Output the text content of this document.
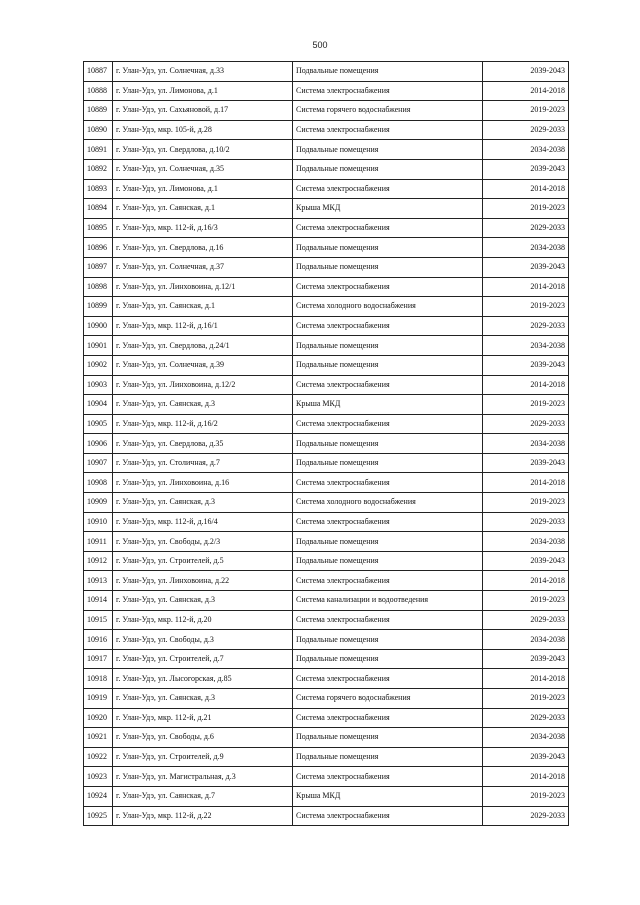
500
10887	г. Улан-Удэ, ул. Солнечная, д.33	Подвальные помещения	2039-2043
10888	г. Улан-Удэ, ул. Лимонова, д.1	Система электроснабжения	2014-2018
10889	г. Улан-Удэ, ул. Сахьяновой, д.17	Система горячего водоснабжения	2019-2023
10890	г. Улан-Удэ, мкр. 105-й, д.28	Система электроснабжения	2029-2033
10891	г. Улан-Удэ, ул. Свердлова, д.10/2	Подвальные помещения	2034-2038
10892	г. Улан-Удэ, ул. Солнечная, д.35	Подвальные помещения	2039-2043
10893	г. Улан-Удэ, ул. Лимонова, д.1	Система электроснабжения	2014-2018
10894	г. Улан-Удэ, ул. Саянская, д.1	Крыша МКД	2019-2023
10895	г. Улан-Удэ, мкр. 112-й, д.16/3	Система электроснабжения	2029-2033
10896	г. Улан-Удэ, ул. Свердлова, д.16	Подвальные помещения	2034-2038
10897	г. Улан-Удэ, ул. Солнечная, д.37	Подвальные помещения	2039-2043
10898	г. Улан-Удэ, ул. Линховоина, д.12/1	Система электроснабжения	2014-2018
10899	г. Улан-Удэ, ул. Саянская, д.1	Система холодного водоснабжения	2019-2023
10900	г. Улан-Удэ, мкр. 112-й, д.16/1	Система электроснабжения	2029-2033
10901	г. Улан-Удэ, ул. Свердлова, д.24/1	Подвальные помещения	2034-2038
10902	г. Улан-Удэ, ул. Солнечная, д.39	Подвальные помещения	2039-2043
10903	г. Улан-Удэ, ул. Линховоина, д.12/2	Система электроснабжения	2014-2018
10904	г. Улан-Удэ, ул. Саянская, д.3	Крыша МКД	2019-2023
10905	г. Улан-Удэ, мкр. 112-й, д.16/2	Система электроснабжения	2029-2033
10906	г. Улан-Удэ, ул. Свердлова, д.35	Подвальные помещения	2034-2038
10907	г. Улан-Удэ, ул. Столичная, д.7	Подвальные помещения	2039-2043
10908	г. Улан-Удэ, ул. Линховоина, д.16	Система электроснабжения	2014-2018
10909	г. Улан-Удэ, ул. Саянская, д.3	Система холодного водоснабжения	2019-2023
10910	г. Улан-Удэ, мкр. 112-й, д.16/4	Система электроснабжения	2029-2033
10911	г. Улан-Удэ, ул. Свободы, д.2/3	Подвальные помещения	2034-2038
10912	г. Улан-Удэ, ул. Строителей, д.5	Подвальные помещения	2039-2043
10913	г. Улан-Удэ, ул. Линховоина, д.22	Система электроснабжения	2014-2018
10914	г. Улан-Удэ, ул. Саянская, д.3	Система канализации и водоотведения	2019-2023
10915	г. Улан-Удэ, мкр. 112-й, д.20	Система электроснабжения	2029-2033
10916	г. Улан-Удэ, ул. Свободы, д.3	Подвальные помещения	2034-2038
10917	г. Улан-Удэ, ул. Строителей, д.7	Подвальные помещения	2039-2043
10918	г. Улан-Удэ, ул. Лысогорская, д.85	Система электроснабжения	2014-2018
10919	г. Улан-Удэ, ул. Саянская, д.3	Система горячего водоснабжения	2019-2023
10920	г. Улан-Удэ, мкр. 112-й, д.21	Система электроснабжения	2029-2033
10921	г. Улан-Удэ, ул. Свободы, д.6	Подвальные помещения	2034-2038
10922	г. Улан-Удэ, ул. Строителей, д.9	Подвальные помещения	2039-2043
10923	г. Улан-Удэ, ул. Магистральная, д.3	Система электроснабжения	2014-2018
10924	г. Улан-Удэ, ул. Саянская, д.7	Крыша МКД	2019-2023
10925	г. Улан-Удэ, мкр. 112-й, д.22	Система электроснабжения	2029-2033
